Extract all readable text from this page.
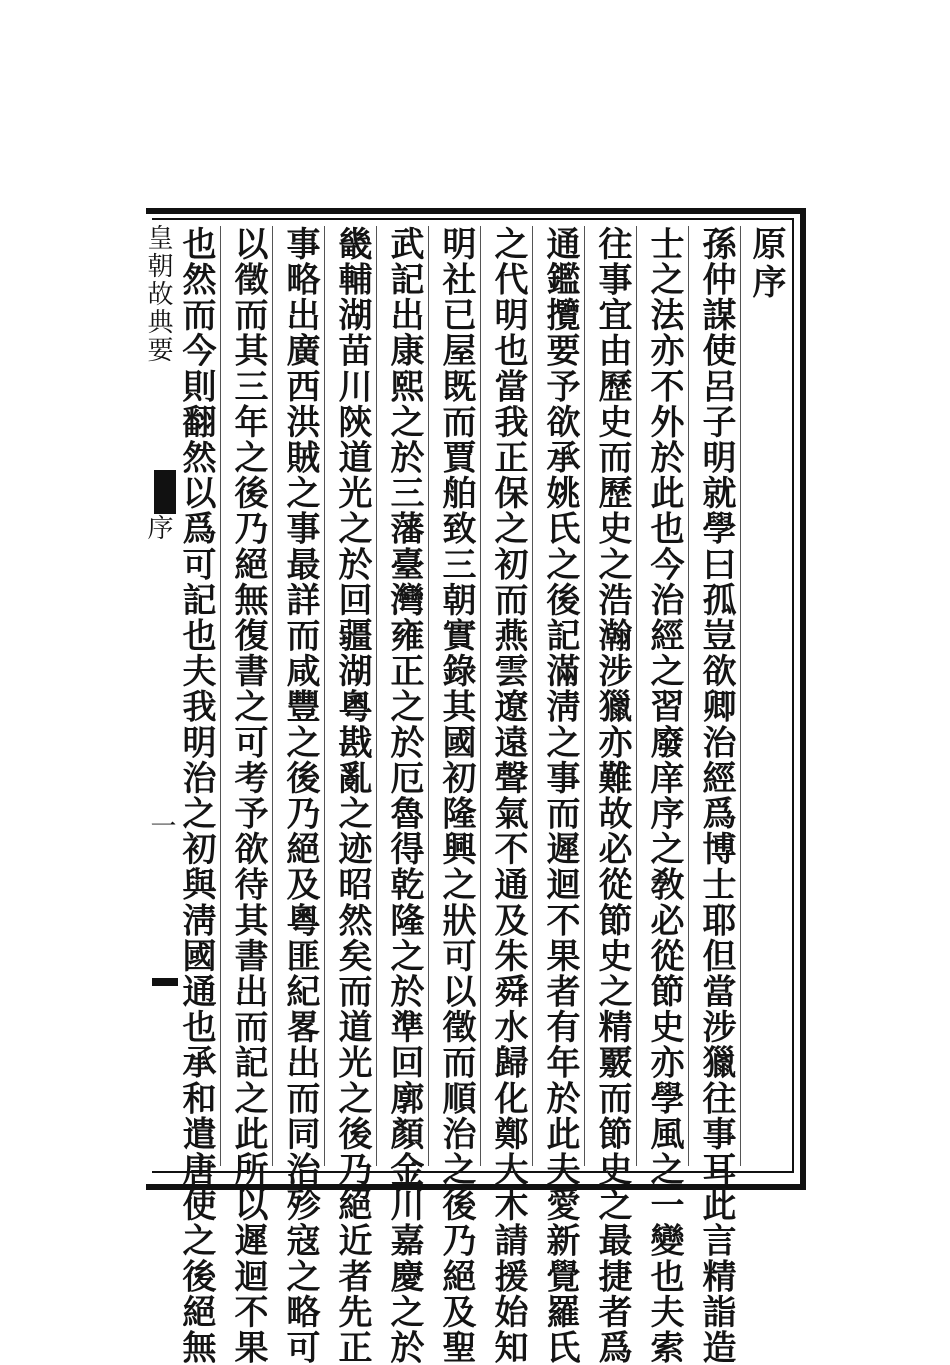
皇朝故典要
序
一
原序
孫仲謀使呂子明就學曰孤豈欲卿治經爲博士耶但當涉獵往事耳此言精詣造
士之法亦不外於此也今治經之習廢庠序之敎必從節史亦學風之一變也夫索
往事宜由歷史而歷史之浩瀚涉獵亦難故必從節史之精覈而節史之最捷者爲
通鑑攬要予欲承姚氏之後記滿淸之事而遲迴不果者有年於此夫愛新覺羅氏
之代明也當我正保之初而燕雲遼遠聲氣不通及朱舜水歸化鄭大木請援始知
明社已屋既而賈舶致三朝實錄其國初隆興之狀可以徵而順治之後乃絕及聖
武記出康熙之於三藩臺灣雍正之於厄魯得乾隆之於準回廓顏金川嘉慶之於
畿輔湖苗川陝道光之於回疆湖粵戡亂之迹昭然矣而道光之後乃絕近者先正
事略出廣西洪賊之事最詳而咸豐之後乃絕及粵匪紀畧出而同治殄寇之略可
以徵而其三年之後乃絕無復書之可考予欲待其書出而記之此所以遲迴不果
也然而今則翻然以爲可記也夫我明治之初與淸國通也承和遣唐使之後絕無
